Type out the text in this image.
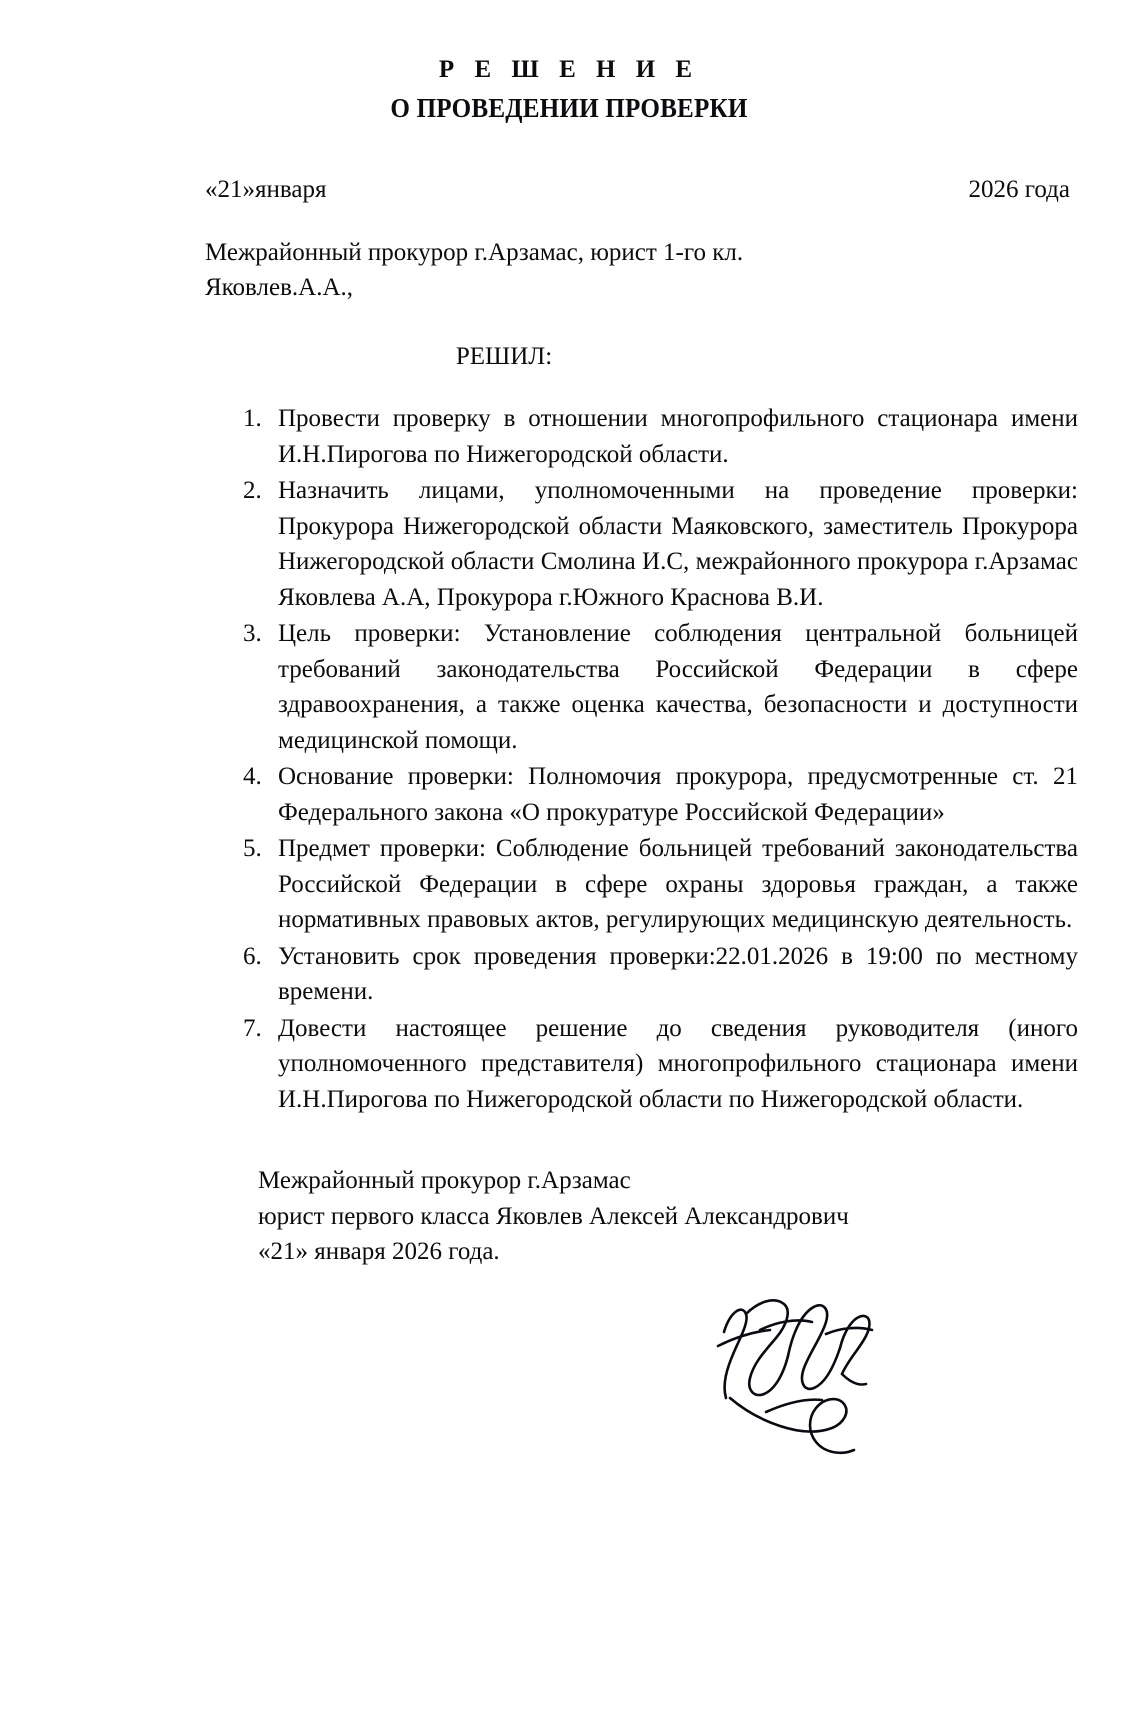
Р Е Ш Е Н И Е
О ПРОВЕДЕНИИ ПРОВЕРКИ
«21»января	2026 года
Межрайонный прокурор г.Арзамас, юрист 1-го кл.
Яковлев.А.А.,
РЕШИЛ:

1. Провести проверку в отношении многопрофильного стационара имени И.Н.Пирогова по Нижегородской области.

2. Назначить лицами, уполномоченными на проведение проверки: Прокурора Нижегородской области Маяковского, заместитель Прокурора Нижегородской области Смолина И.С, межрайонного прокурора г.Арзамас Яковлева А.А, Прокурора г.Южного Краснова В.И.

3. Цель проверки: Установление соблюдения центральной больницей требований законодательства Российской Федерации в сфере здравоохранения, а также оценка качества, безопасности и доступности медицинской помощи.

4. Основание проверки: Полномочия прокурора, предусмотренные ст. 21 Федерального закона «О прокуратуре Российской Федерации»

5. Предмет проверки: Соблюдение больницей требований законодательства Российской Федерации в сфере охраны здоровья граждан, а также нормативных правовых актов, регулирующих медицинскую деятельность.

6. Установить срок проведения проверки:22.01.2026 в 19:00 по местному времени.

7. Довести настоящее решение до сведения руководителя (иного уполномоченного представителя) многопрофильного стационара имени И.Н.Пирогова по Нижегородской области по Нижегородской области.

Межрайонный прокурор г.Арзамас
юрист первого класса Яковлев Алексей Александрович
«21» января 2026 года.
